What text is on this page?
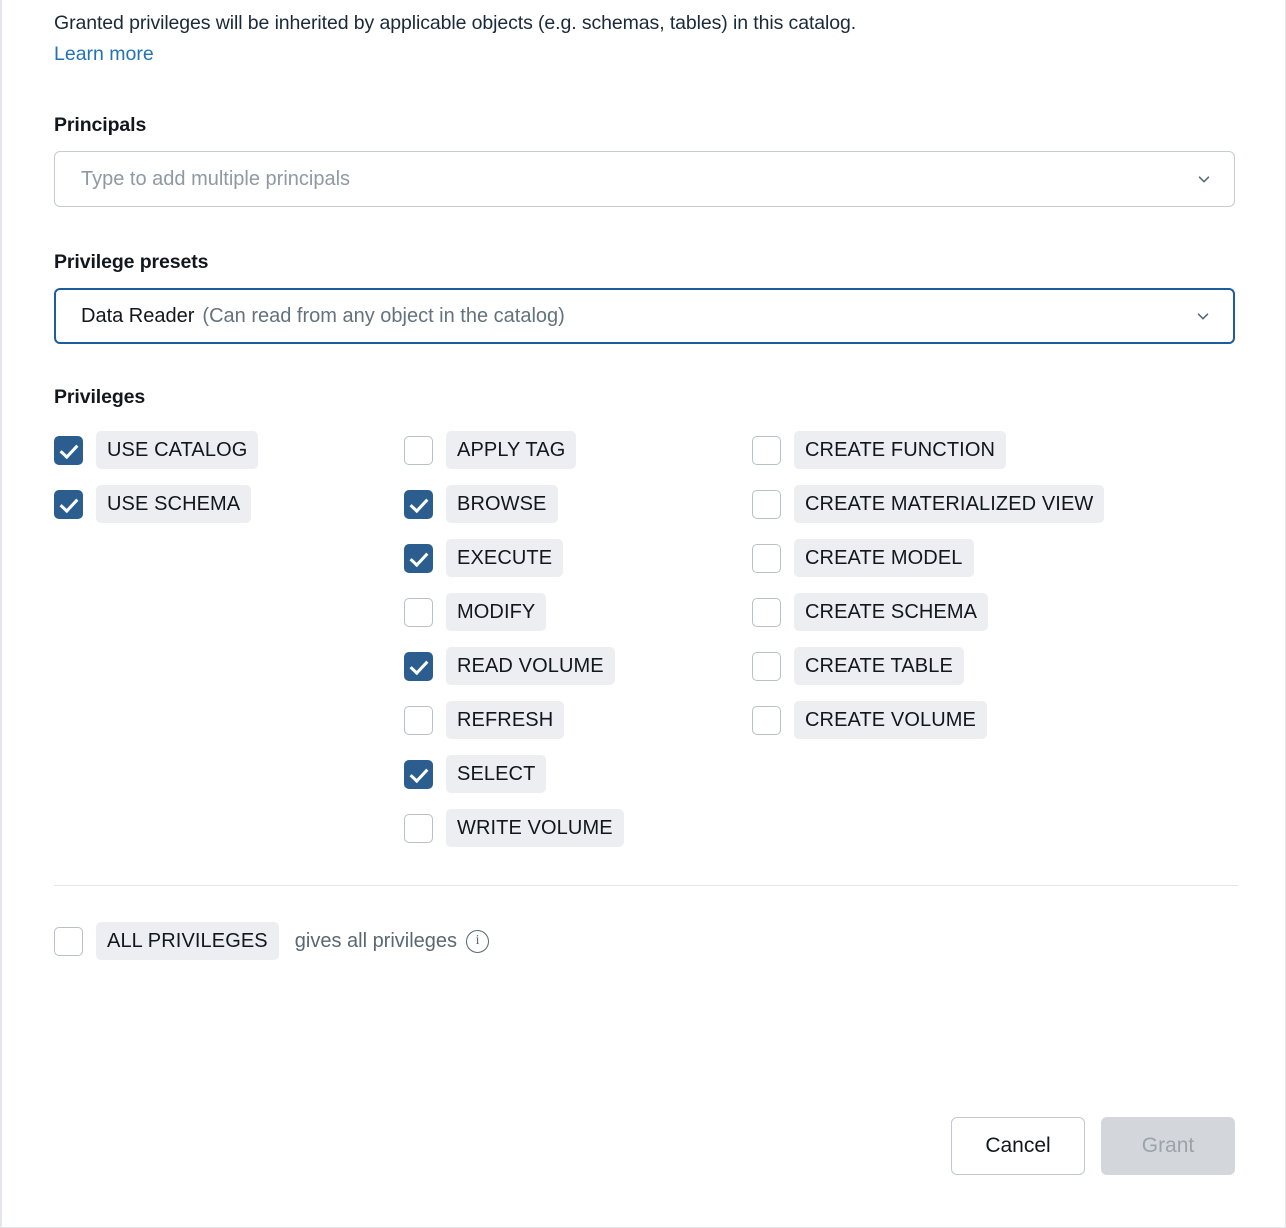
Granted privileges will be inherited by applicable objects (e.g. schemas, tables) in this catalog.
Learn more
Principals
Type to add multiple principals
Privilege presets
Data Reader (Can read from any object in the catalog)
Privileges
USE CATALOG
USE SCHEMA
APPLY TAG
BROWSE
EXECUTE
MODIFY
READ VOLUME
REFRESH
SELECT
WRITE VOLUME
CREATE FUNCTION
CREATE MATERIALIZED VIEW
CREATE MODEL
CREATE SCHEMA
CREATE TABLE
CREATE VOLUME
ALL PRIVILEGES	gives all privileges	i
Cancel	Grant
